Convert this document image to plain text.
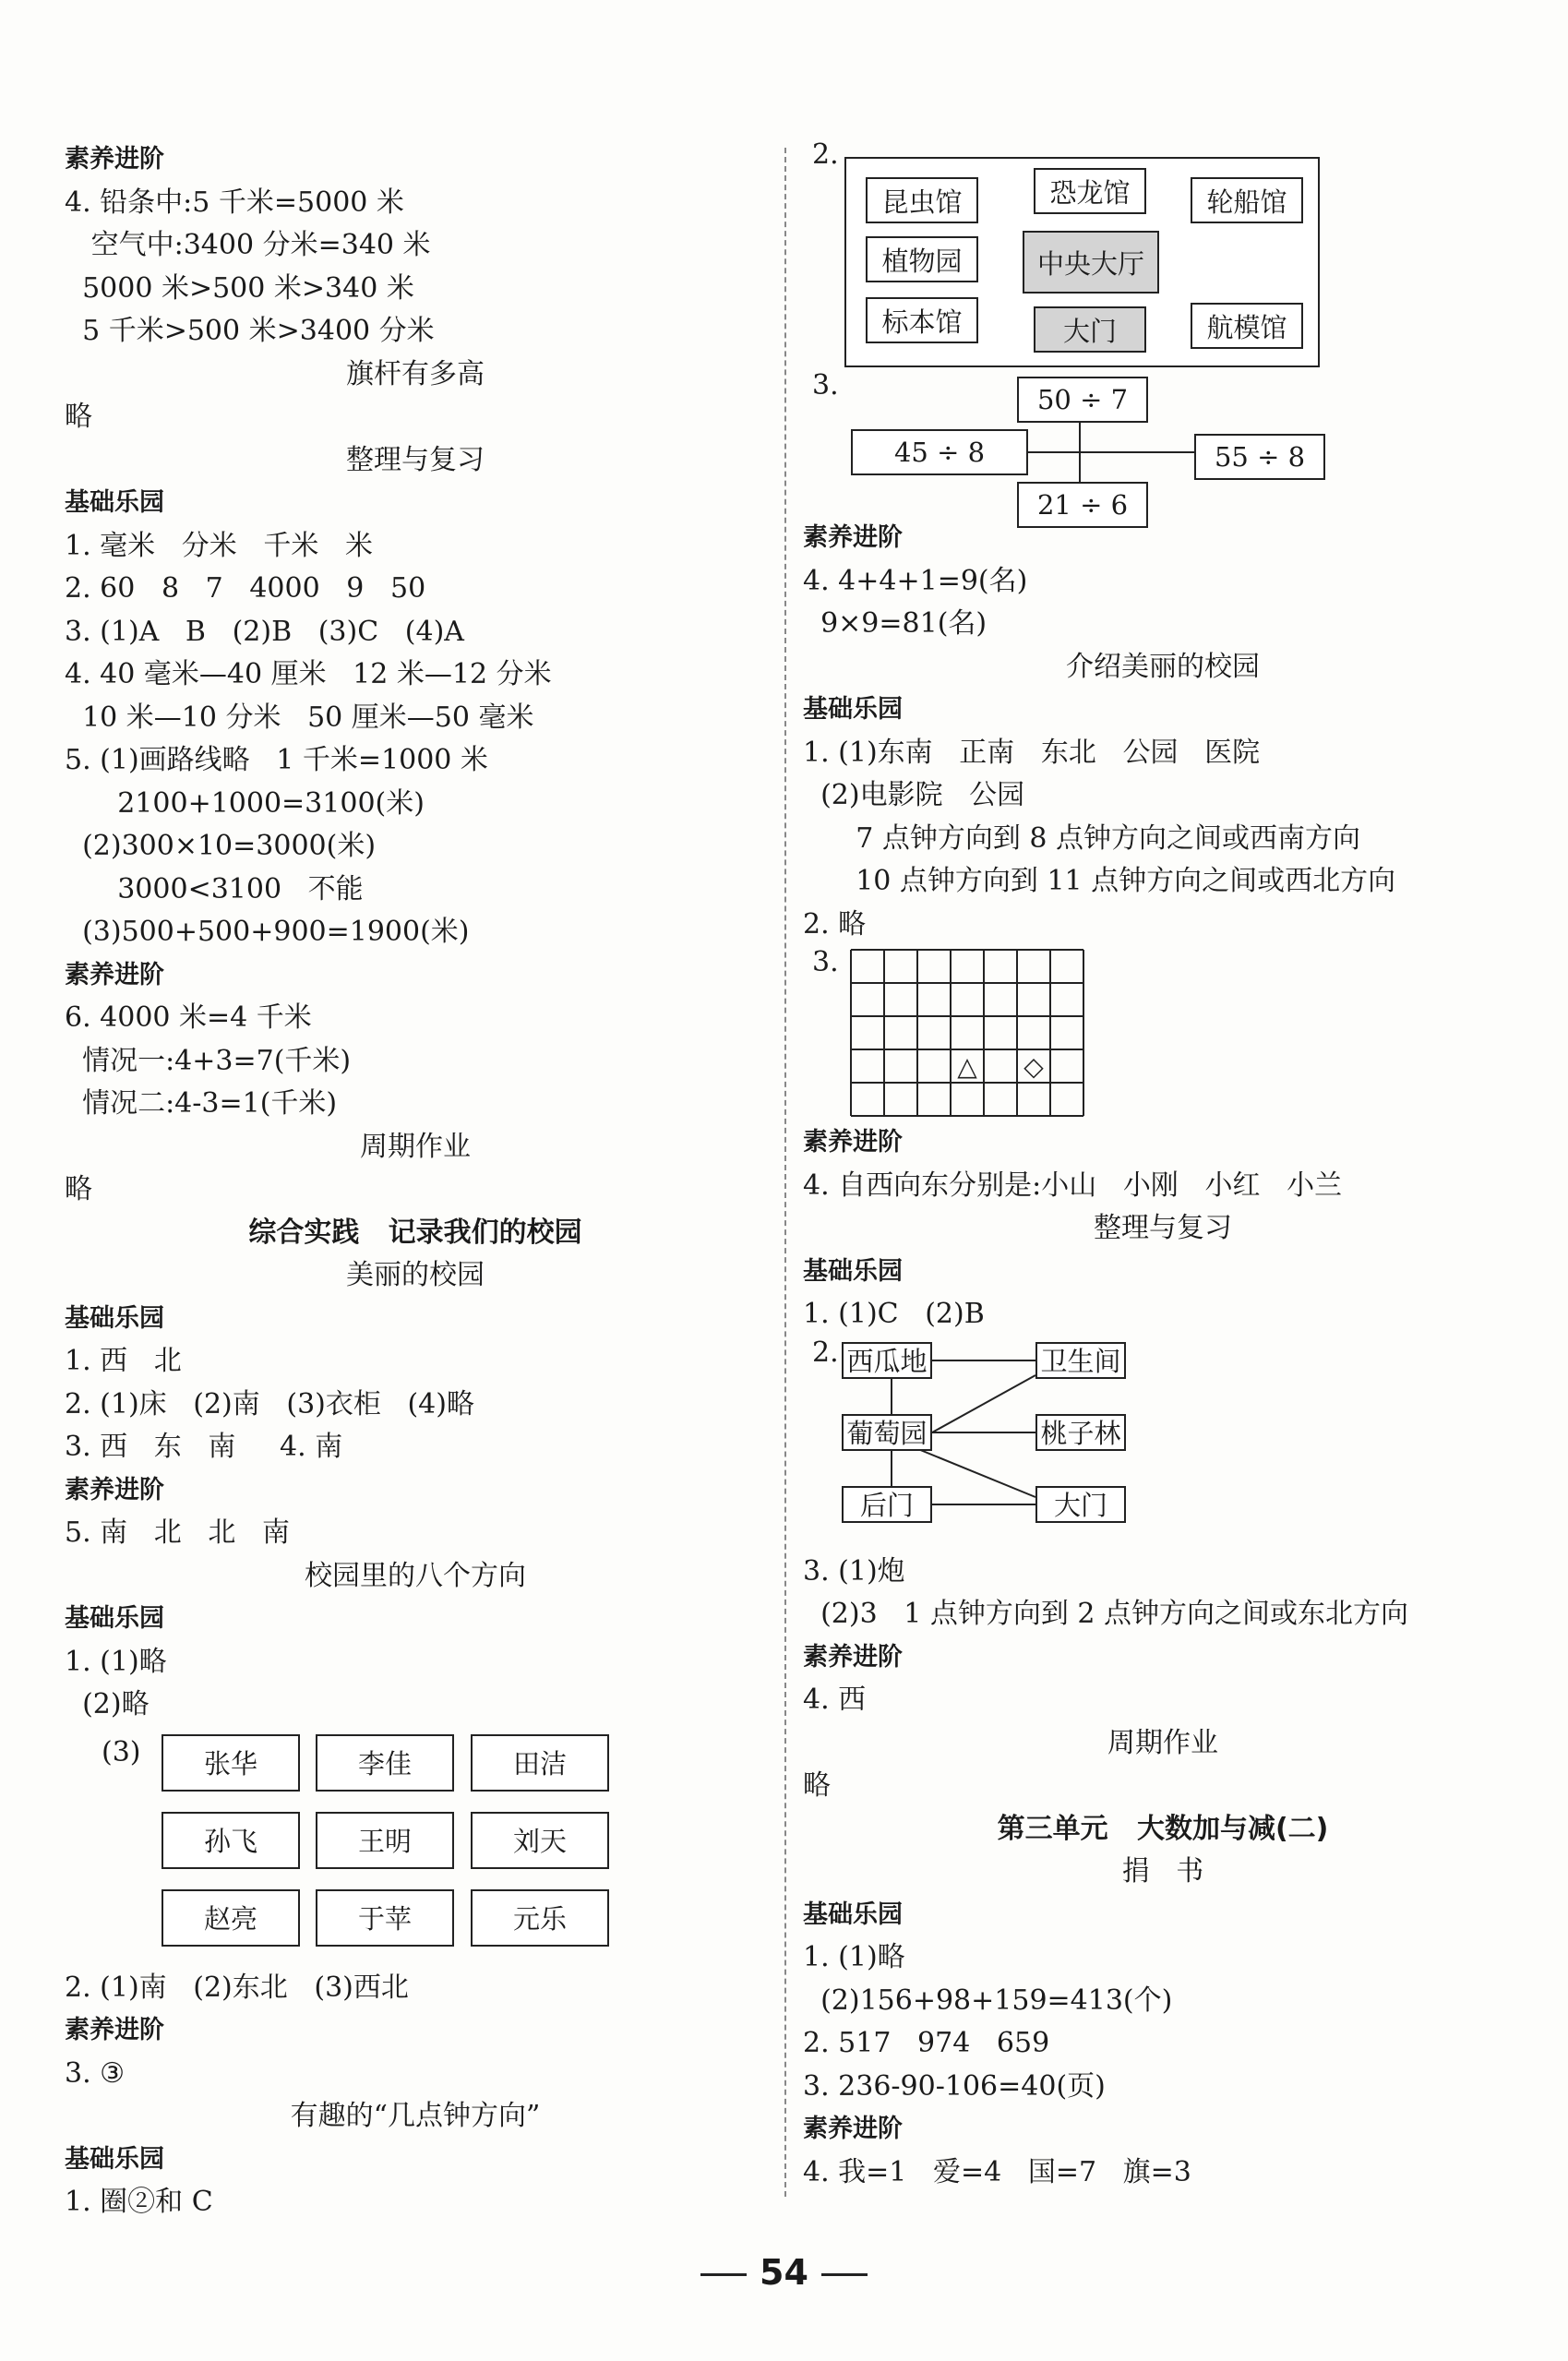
素养进阶
4. 铅条中:5 千米=5000 米
空气中:3400 分米=340 米
5000 米>500 米>340 米
5 千米>500 米>3400 分米
旗杆有多高
略
整理与复习
基础乐园
1. 毫米   分米   千米   米
2. 60   8   7   4000   9   50
3. (1)A   B   (2)B   (3)C   (4)A
4. 40 毫米—40 厘米   12 米—12 分米
10 米—10 分米   50 厘米—50 毫米
5. (1)画路线略   1 千米=1000 米
2100+1000=3100(米)
(2)300×10=3000(米)
3000<3100   不能
(3)500+500+900=1900(米)
素养进阶
6. 4000 米=4 千米
情况一:4+3=7(千米)
情况二:4-3=1(千米)
周期作业
略
综合实践   记录我们的校园
美丽的校园
基础乐园
1. 西   北
2. (1)床   (2)南   (3)衣柜   (4)略
3. 西   东   南     4. 南
素养进阶
5. 南   北   北   南
校园里的八个方向
基础乐园
1. (1)略
(2)略
(3)	张华	李佳	田洁
孙飞	王明	刘天
赵亮	于苹	元乐
2. (1)南   (2)东北   (3)西北
素养进阶
3. ③
有趣的“几点钟方向”
基础乐园
1. 圈②和 C
2.
昆虫馆	恐龙馆	轮船馆
植物园	中央大厅
标本馆	大门	航模馆
3.	50 ÷ 7
45 ÷ 8	55 ÷ 8
21 ÷ 6
素养进阶
4. 4+4+1=9(名)
9×9=81(名)
介绍美丽的校园
基础乐园
1. (1)东南   正南   东北   公园   医院
(2)电影院   公园
7 点钟方向到 8 点钟方向之间或西南方向
10 点钟方向到 11 点钟方向之间或西北方向
2. 略
3.
△ ◇
素养进阶
4. 自西向东分别是:小山   小刚   小红   小兰
整理与复习
基础乐园
1. (1)C   (2)B
2. 西瓜地	卫生间
葡萄园	桃子林
后门	大门
3. (1)炮
(2)3   1 点钟方向到 2 点钟方向之间或东北方向
素养进阶
4. 西
周期作业
略
第三单元   大数加与减(二)
捐   书
基础乐园
1. (1)略
(2)156+98+159=413(个)
2. 517   974   659
3. 236-90-106=40(页)
素养进阶
4. 我=1   爱=4   国=7   旗=3
54
